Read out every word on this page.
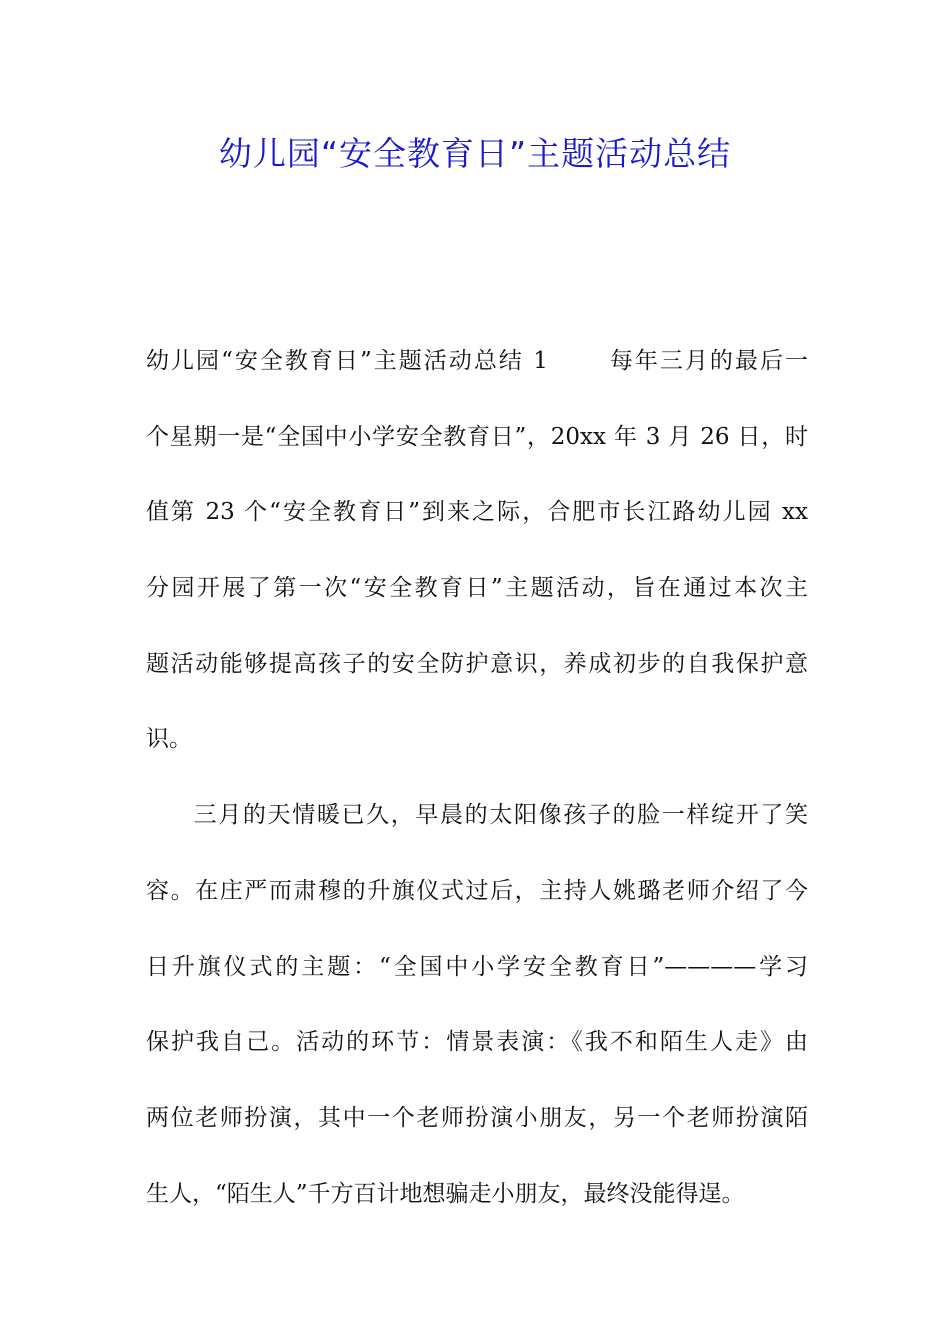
幼儿园“安全教育日”主题活动总结
幼儿园“安全教育日”主题活动总结 1	每年三月的最后一
个星期一是“全国中小学安全教育日”，20xx 年 3 月 26 日，时
值第 23 个“安全教育日”到来之际，合肥市长江路幼儿园 xx
分园开展了第一次“安全教育日”主题活动，旨在通过本次主
题活动能够提高孩子的安全防护意识，养成初步的自我保护意
识。
三月的天情暖已久，早晨的太阳像孩子的脸一样绽开了笑
容。在庄严而肃穆的升旗仪式过后，主持人姚璐老师介绍了今
日升旗仪式的主题：“全国中小学安全教育日”————学习
保护我自己。活动的环节：情景表演：《我不和陌生人走》由
两位老师扮演，其中一个老师扮演小朋友，另一个老师扮演陌
生人，“陌生人”千方百计地想骗走小朋友，最终没能得逞。
